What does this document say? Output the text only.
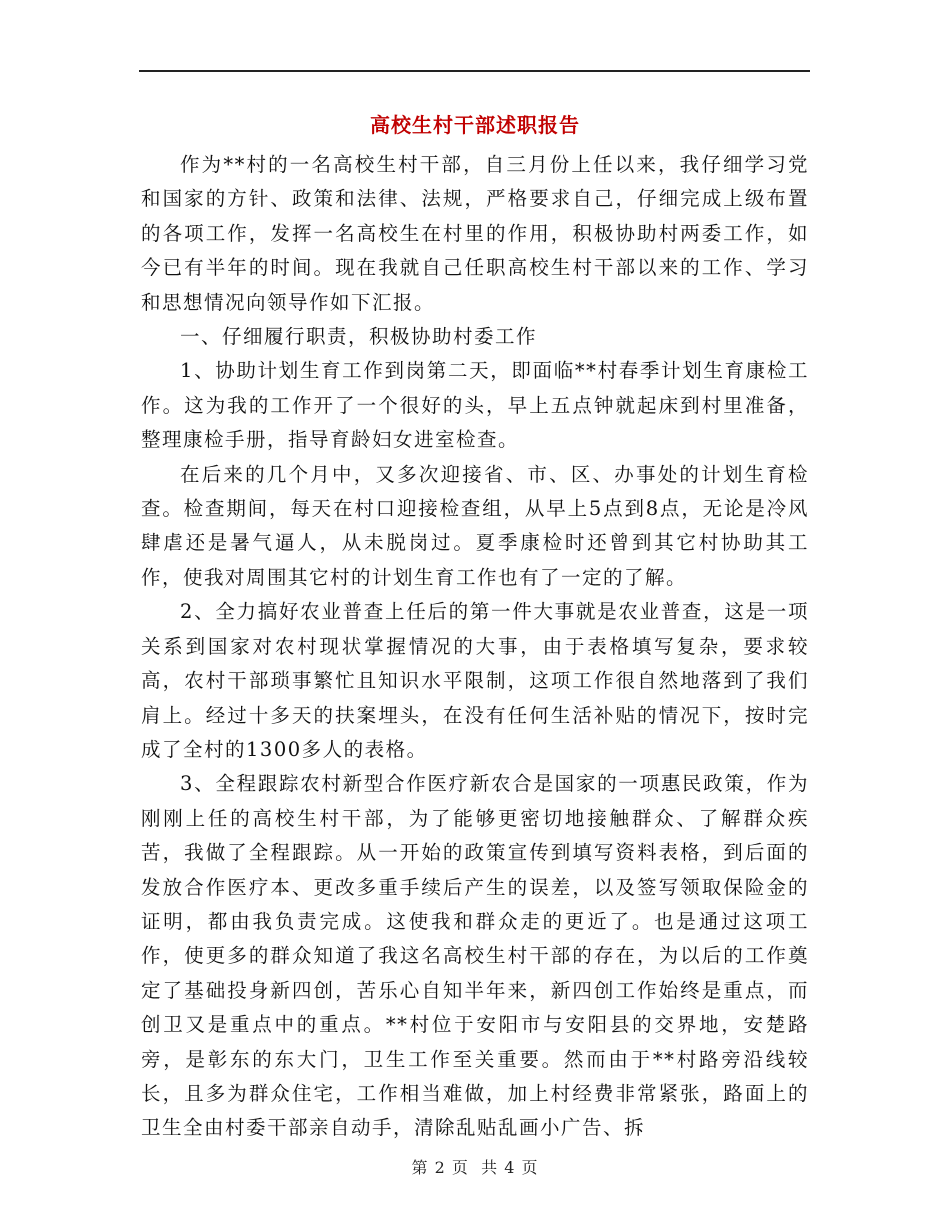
高校生村干部述职报告

作为**村的一名高校生村干部，自三月份上任以来，我仔细学习党和国家的方针、政策和法律、法规，严格要求自己，仔细完成上级布置的各项工作，发挥一名高校生在村里的作用，积极协助村两委工作，如今已有半年的时间。现在我就自己任职高校生村干部以来的工作、学习和思想情况向领导作如下汇报。

一、仔细履行职责，积极协助村委工作

1、协助计划生育工作到岗第二天，即面临**村春季计划生育康检工作。这为我的工作开了一个很好的头，早上五点钟就起床到村里准备，整理康检手册，指导育龄妇女进室检查。

在后来的几个月中，又多次迎接省、市、区、办事处的计划生育检查。检查期间，每天在村口迎接检查组，从早上5点到8点，无论是冷风肆虐还是暑气逼人，从未脱岗过。夏季康检时还曾到其它村协助其工作，使我对周围其它村的计划生育工作也有了一定的了解。

2、全力搞好农业普查上任后的第一件大事就是农业普查，这是一项关系到国家对农村现状掌握情况的大事，由于表格填写复杂，要求较高，农村干部琐事繁忙且知识水平限制，这项工作很自然地落到了我们肩上。经过十多天的扶案埋头，在没有任何生活补贴的情况下，按时完成了全村的1300多人的表格。

3、全程跟踪农村新型合作医疗新农合是国家的一项惠民政策，作为刚刚上任的高校生村干部，为了能够更密切地接触群众、了解群众疾苦，我做了全程跟踪。从一开始的政策宣传到填写资料表格，到后面的发放合作医疗本、更改多重手续后产生的误差，以及签写领取保险金的证明，都由我负责完成。这使我和群众走的更近了。也是通过这项工作，使更多的群众知道了我这名高校生村干部的存在，为以后的工作奠定了基础投身新四创，苦乐心自知半年来，新四创工作始终是重点，而创卫又是重点中的重点。**村位于安阳市与安阳县的交界地，安楚路旁，是彰东的东大门，卫生工作至关重要。然而由于**村路旁沿线较长，且多为群众住宅，工作相当难做，加上村经费非常紧张，路面上的卫生全由村委干部亲自动手，清除乱贴乱画小广告、拆

第 2 页  共 4 页
